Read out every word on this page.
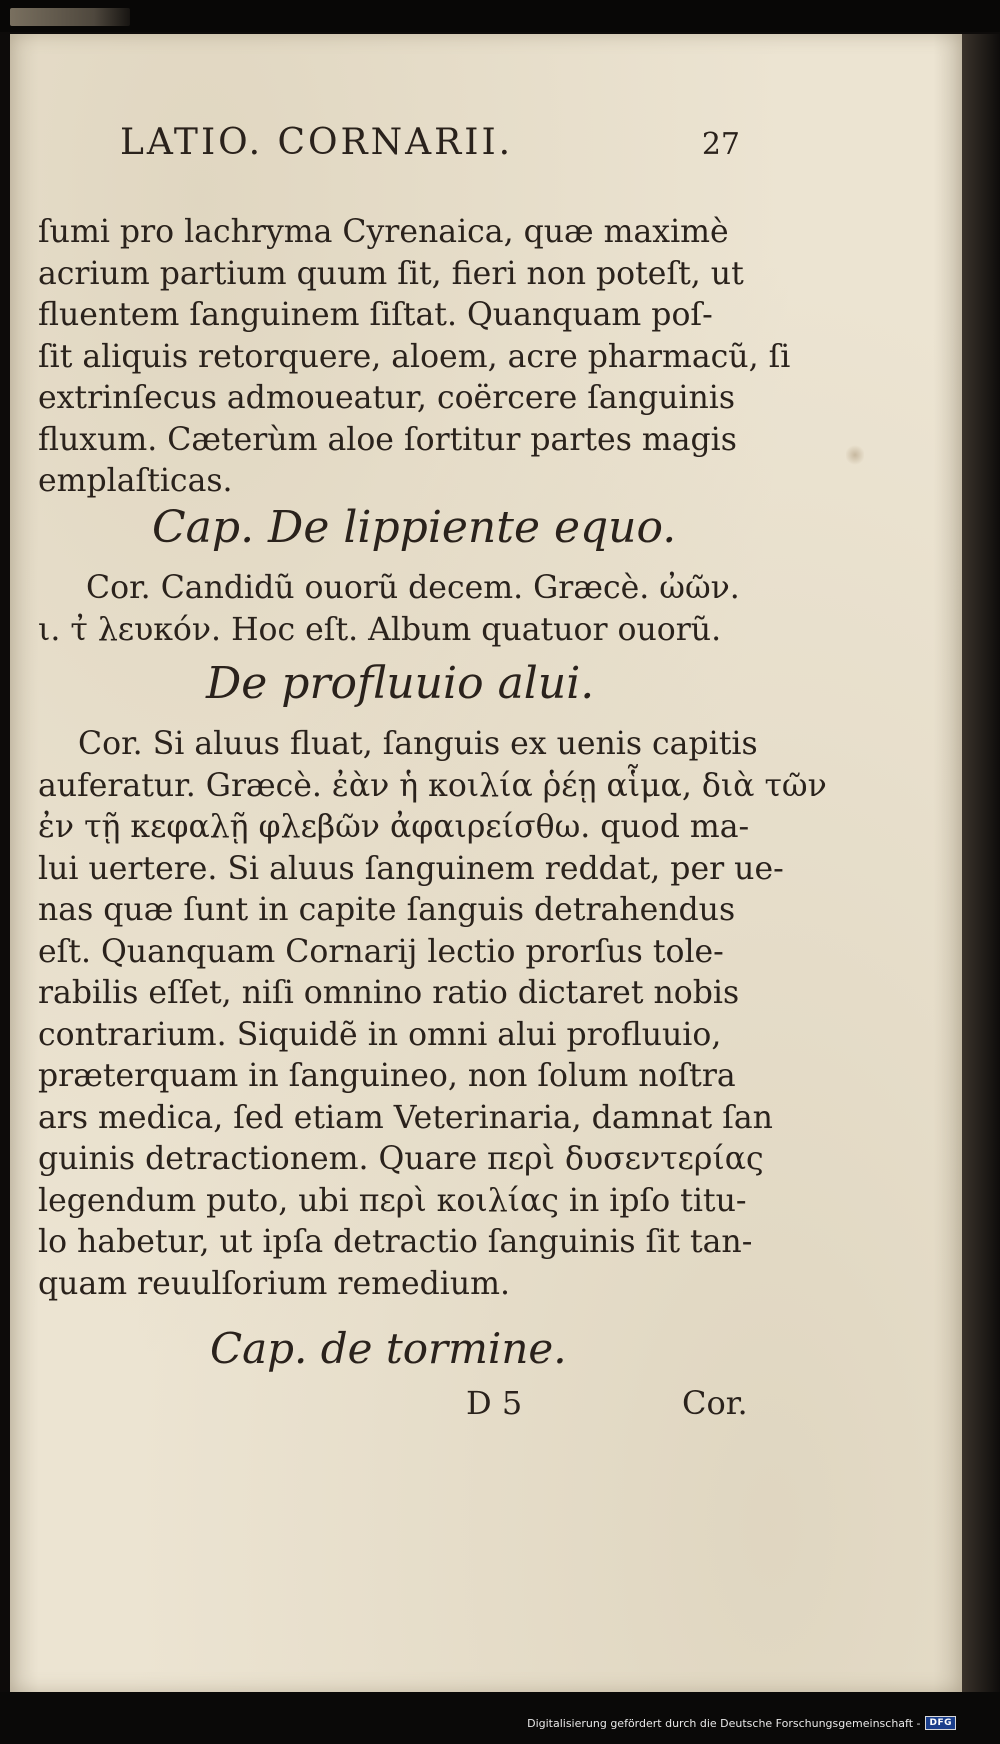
LATIO. CORNARII.	27
ſumi pro lachryma Cyrenaica, quæ maximè
acrium partium quum ſit, fieri non poteſt, ut
fluentem ſanguinem ſiſtat. Quanquam poſ-
ſit aliquis retorquere, aloem, acre pharmacũ, ſi
extrinſecus admoueatur, coërcere ſanguinis
fluxum. Cæterùm aloe ſortitur partes magis
emplaſticas.
Cap. De lippiente equo.
Cor. Candidũ ouorũ decem. Græcè. ὠῶν.
ι. τ̓ λευκόν. Hoc eſt. Album quatuor ouorũ.
De profluuio alui.
Cor. Si aluus fluat, ſanguis ex uenis capitis
auferatur. Græcè. ἐὰν ἡ κοιλία ῥέῃ αἷμα, διὰ τῶν
ἐν τῇ κεφαλῇ φλεβῶν ἀφαιρείσθω. quod ma-
lui uertere. Si aluus ſanguinem reddat, per ue-
nas quæ ſunt in capite ſanguis detrahendus
eſt. Quanquam Cornarij lectio prorſus tole-
rabilis eſſet, niſi omnino ratio dictaret nobis
contrarium. Siquidẽ in omni alui profluuio,
præterquam in ſanguineo, non ſolum noſtra
ars medica, ſed etiam Veterinaria, damnat ſan
guinis detractionem. Quare περὶ δυσεντερίας
legendum puto, ubi περὶ κοιλίας in ipſo titu-
lo habetur, ut ipſa detractio ſanguinis ſit tan-
quam reuulſorium remedium.
Cap. de tormine.
D 5	Cor.
Digitalisierung gefördert durch die Deutsche Forschungsgemeinschaft -	DFG
